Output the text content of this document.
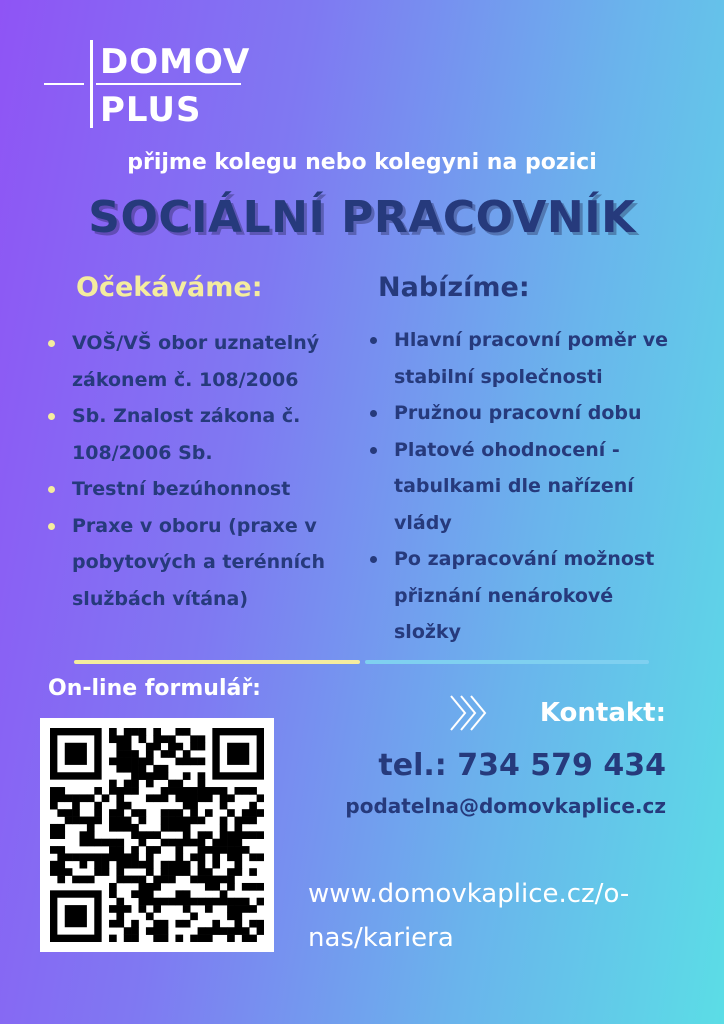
DOMOV
PLUS
přijme kolegu nebo kolegyni na pozici
SOCIÁLNÍ PRACOVNÍK
Očekáváme:	Nabízíme:
VOŠ/VŠ obor uznatelný zákonem č. 108/2006
Sb. Znalost zákona č. 108/2006 Sb.
Trestní bezúhonnost
Praxe v oboru (praxe v pobytových a terénních službách vítána)
Hlavní pracovní poměr ve stabilní společnosti
Pružnou pracovní dobu
Platové ohodnocení - tabulkami dle nařízení vlády
Po zapracování možnost přiznání nenárokové složky
On-line formulář:
Kontakt:
tel.: 734 579 434
podatelna@domovkaplice.cz
www.domovkaplice.cz/o-nas/kariera
